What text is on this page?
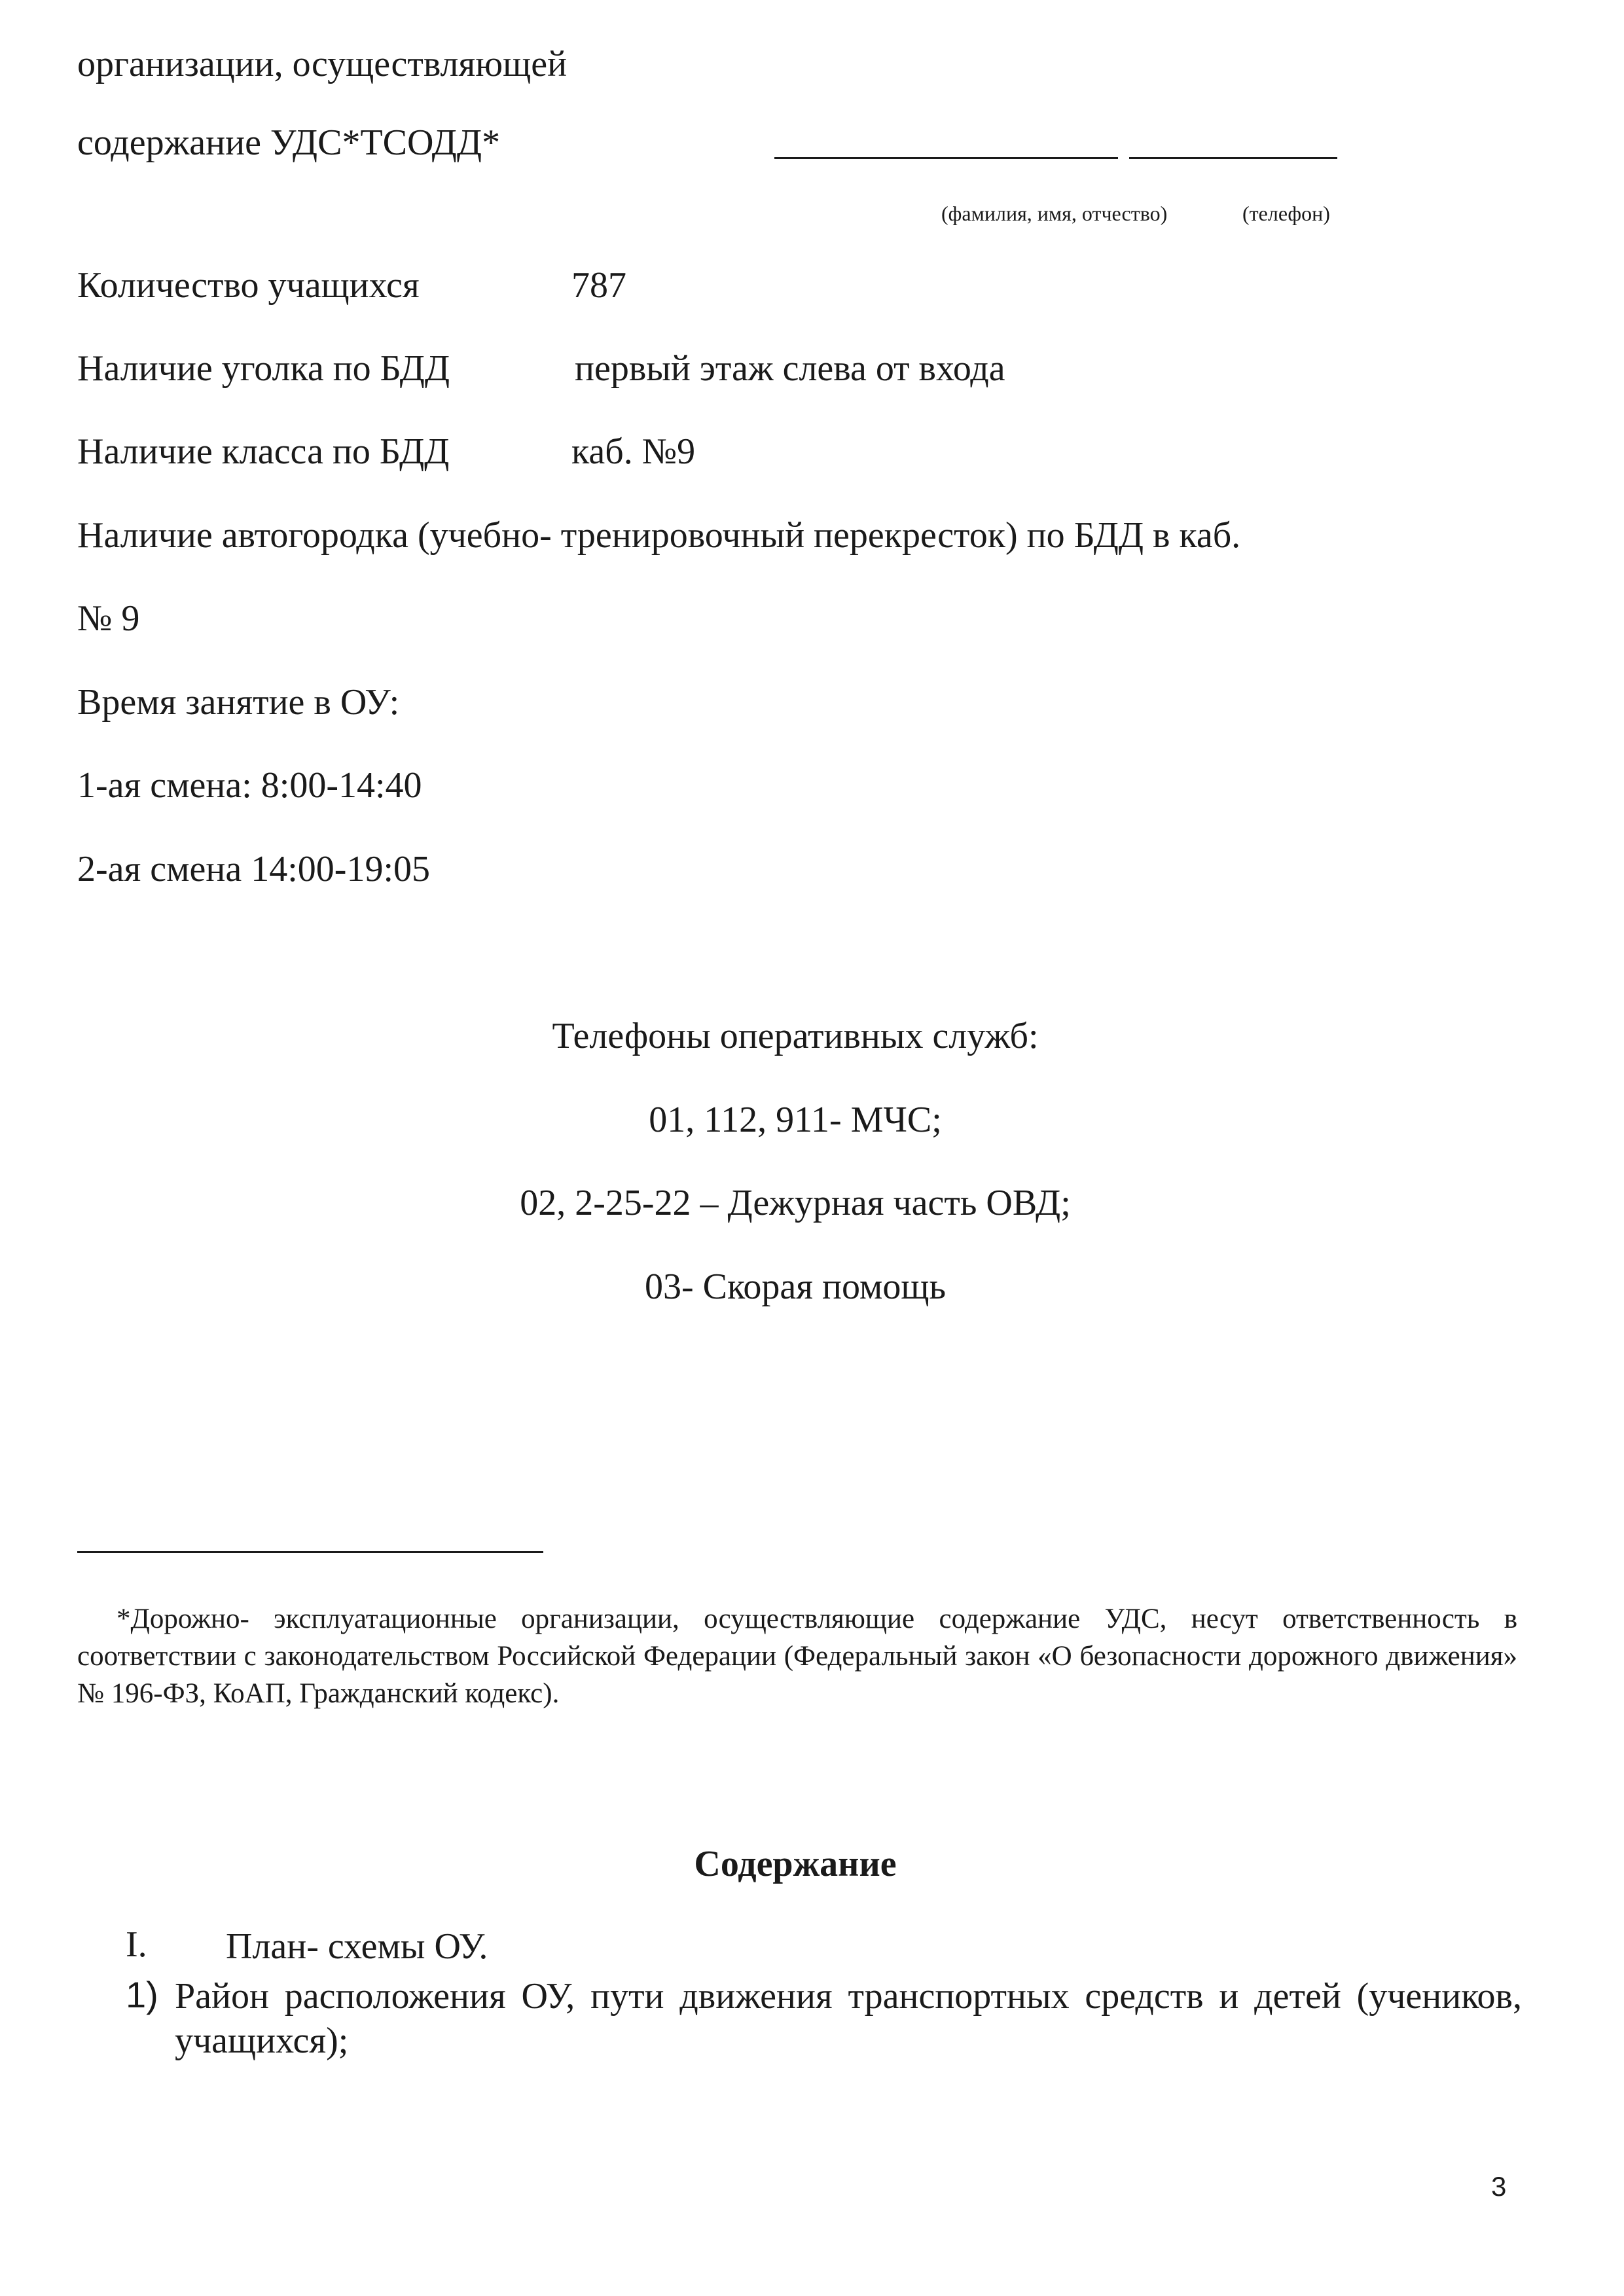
организации, осуществляющей
содержание УДС*ТСОДД*
(фамилия, имя, отчество)	(телефон)
Количество учащихся	787
Наличие уголка по БДД	первый этаж слева от входа
Наличие класса по БДД	каб. №9
Наличие автогородка (учебно- тренировочный перекресток) по БДД в каб.
№ 9
Время занятие в ОУ:
1-ая смена: 8:00-14:40
2-ая смена 14:00-19:05
Телефоны оперативных служб:
01, 112, 911- МЧС;
02, 2-25-22 – Дежурная часть ОВД;
03- Скорая помощь
*Дорожно- эксплуатационные организации, осуществляющие содержание УДС, несут ответственность в соответствии с законодательством Российской Федерации (Федеральный закон «О безопасности дорожного движения» № 196-ФЗ, КоАП, Гражданский кодекс).
Содержание
I. План- схемы ОУ.
1) Район расположения ОУ, пути движения транспортных средств и детей (учеников, учащихся);
3
